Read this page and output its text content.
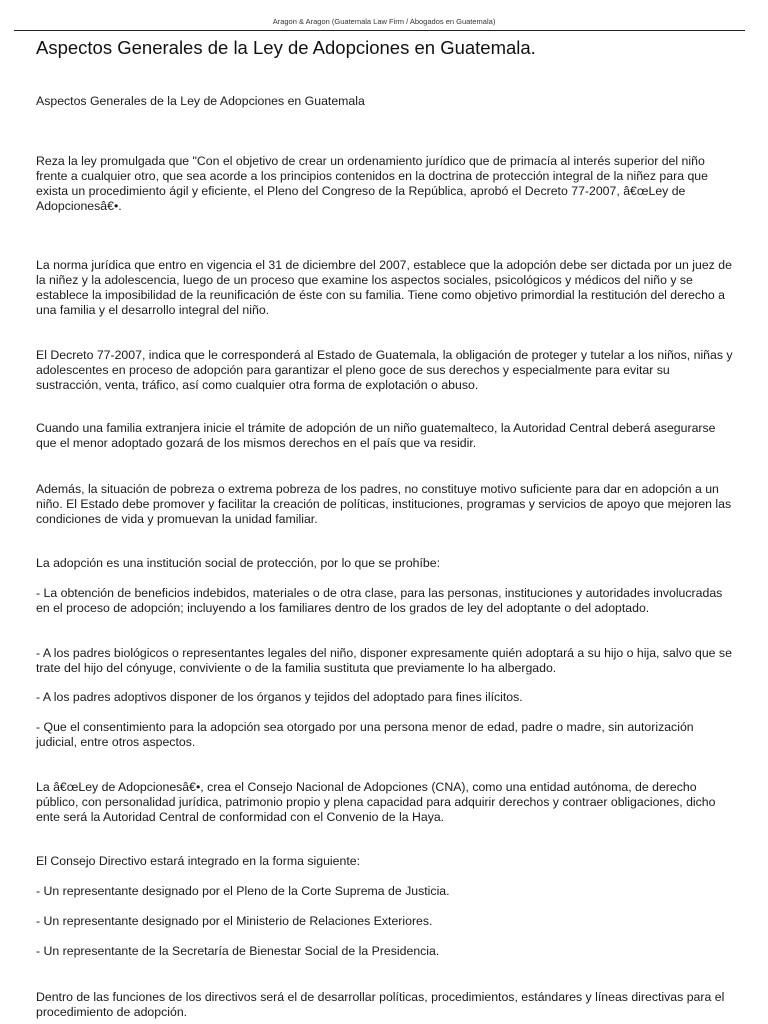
Aragon & Aragon (Guatemala Law Firm / Abogados en Guatemala)
Aspectos Generales de la Ley de Adopciones en Guatemala.

Aspectos Generales de la Ley de Adopciones en Guatemala

Reza la ley promulgada que "Con el objetivo de crear un ordenamiento jurídico que de primacía al interés superior del niño frente a cualquier otro, que sea acorde a los principios contenidos en la doctrina de protección integral de la niñez para que exista un procedimiento ágil y eficiente, el Pleno del Congreso de la República, aprobó el Decreto 77-2007, â€œLey de Adopcionesâ€•.

La norma jurídica que entro en vigencia el 31 de diciembre del 2007, establece que la adopción debe ser dictada por un juez de la niñez y la adolescencia, luego de un proceso que examine los aspectos sociales, psicológicos y médicos del niño y se establece la imposibilidad de la reunificación de éste con su familia. Tiene como objetivo primordial la restitución del derecho a una familia y el desarrollo integral del niño.

El Decreto 77-2007, indica que le corresponderá al Estado de Guatemala, la obligación de proteger y tutelar a los niños, niñas y adolescentes en proceso de adopción para garantizar el pleno goce de sus derechos y especialmente para evitar su sustracción, venta, tráfico, así como cualquier otra forma de explotación o abuso.

Cuando una familia extranjera inicie el trámite de adopción de un niño guatemalteco, la Autoridad Central deberá asegurarse que el menor adoptado gozará de los mismos derechos en el país que va residir.

Además, la situación de pobreza o extrema pobreza de los padres, no constituye motivo suficiente para dar en adopción a un niño. El Estado debe promover y facilitar la creación de políticas, instituciones, programas y servicios de apoyo que mejoren las condiciones de vida y promuevan la unidad familiar.

La adopción es una institución social de protección, por lo que se prohíbe:

- La obtención de beneficios indebidos, materiales o de otra clase, para las personas, instituciones y autoridades involucradas en el proceso de adopción; incluyendo a los familiares dentro de los grados de ley del adoptante o del adoptado.

- A los padres biológicos o representantes legales del niño, disponer expresamente quién adoptará a su hijo o hija, salvo que se trate del hijo del cónyuge, conviviente o de la familia sustituta que previamente lo ha albergado.

- A los padres adoptivos disponer de los órganos y tejidos del adoptado para fines ilícitos.

- Que el consentimiento para la adopción sea otorgado por una persona menor de edad, padre o madre, sin autorización judicial, entre otros aspectos.

La â€œLey de Adopcionesâ€•, crea el Consejo Nacional de Adopciones (CNA), como una entidad autónoma, de derecho público, con personalidad jurídica, patrimonio propio y plena capacidad para adquirir derechos y contraer obligaciones, dicho ente será la Autoridad Central de conformidad con el Convenio de la Haya.

El Consejo Directivo estará integrado en la forma siguiente:

- Un representante designado por el Pleno de la Corte Suprema de Justicia.

- Un representante designado por el Ministerio de Relaciones Exteriores.

- Un representante de la Secretaría de Bienestar Social de la Presidencia.

Dentro de las funciones de los directivos será el de desarrollar políticas, procedimientos, estándares y líneas directivas para el procedimiento de adopción.
